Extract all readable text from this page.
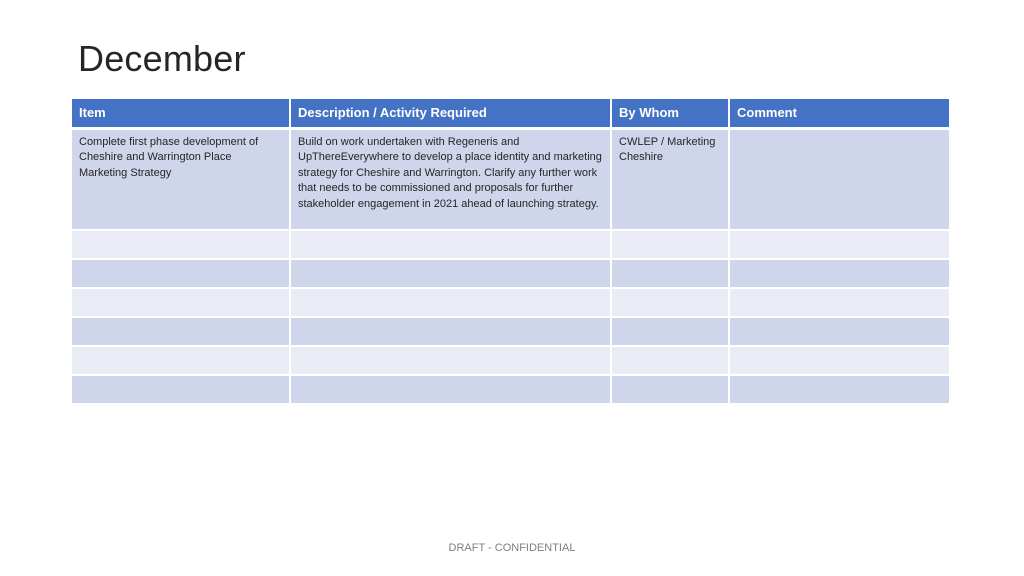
December
Item	Description / Activity Required	By Whom	Comment
Complete first phase development of Cheshire and Warrington Place Marketing Strategy	Build on work undertaken with Regeneris and UpThereEverywhere to develop a place identity and marketing strategy for Cheshire and Warrington. Clarify any further work that needs to be commissioned and proposals for further stakeholder engagement in 2021 ahead of launching strategy.	CWLEP / Marketing Cheshire	

DRAFT - CONFIDENTIAL
